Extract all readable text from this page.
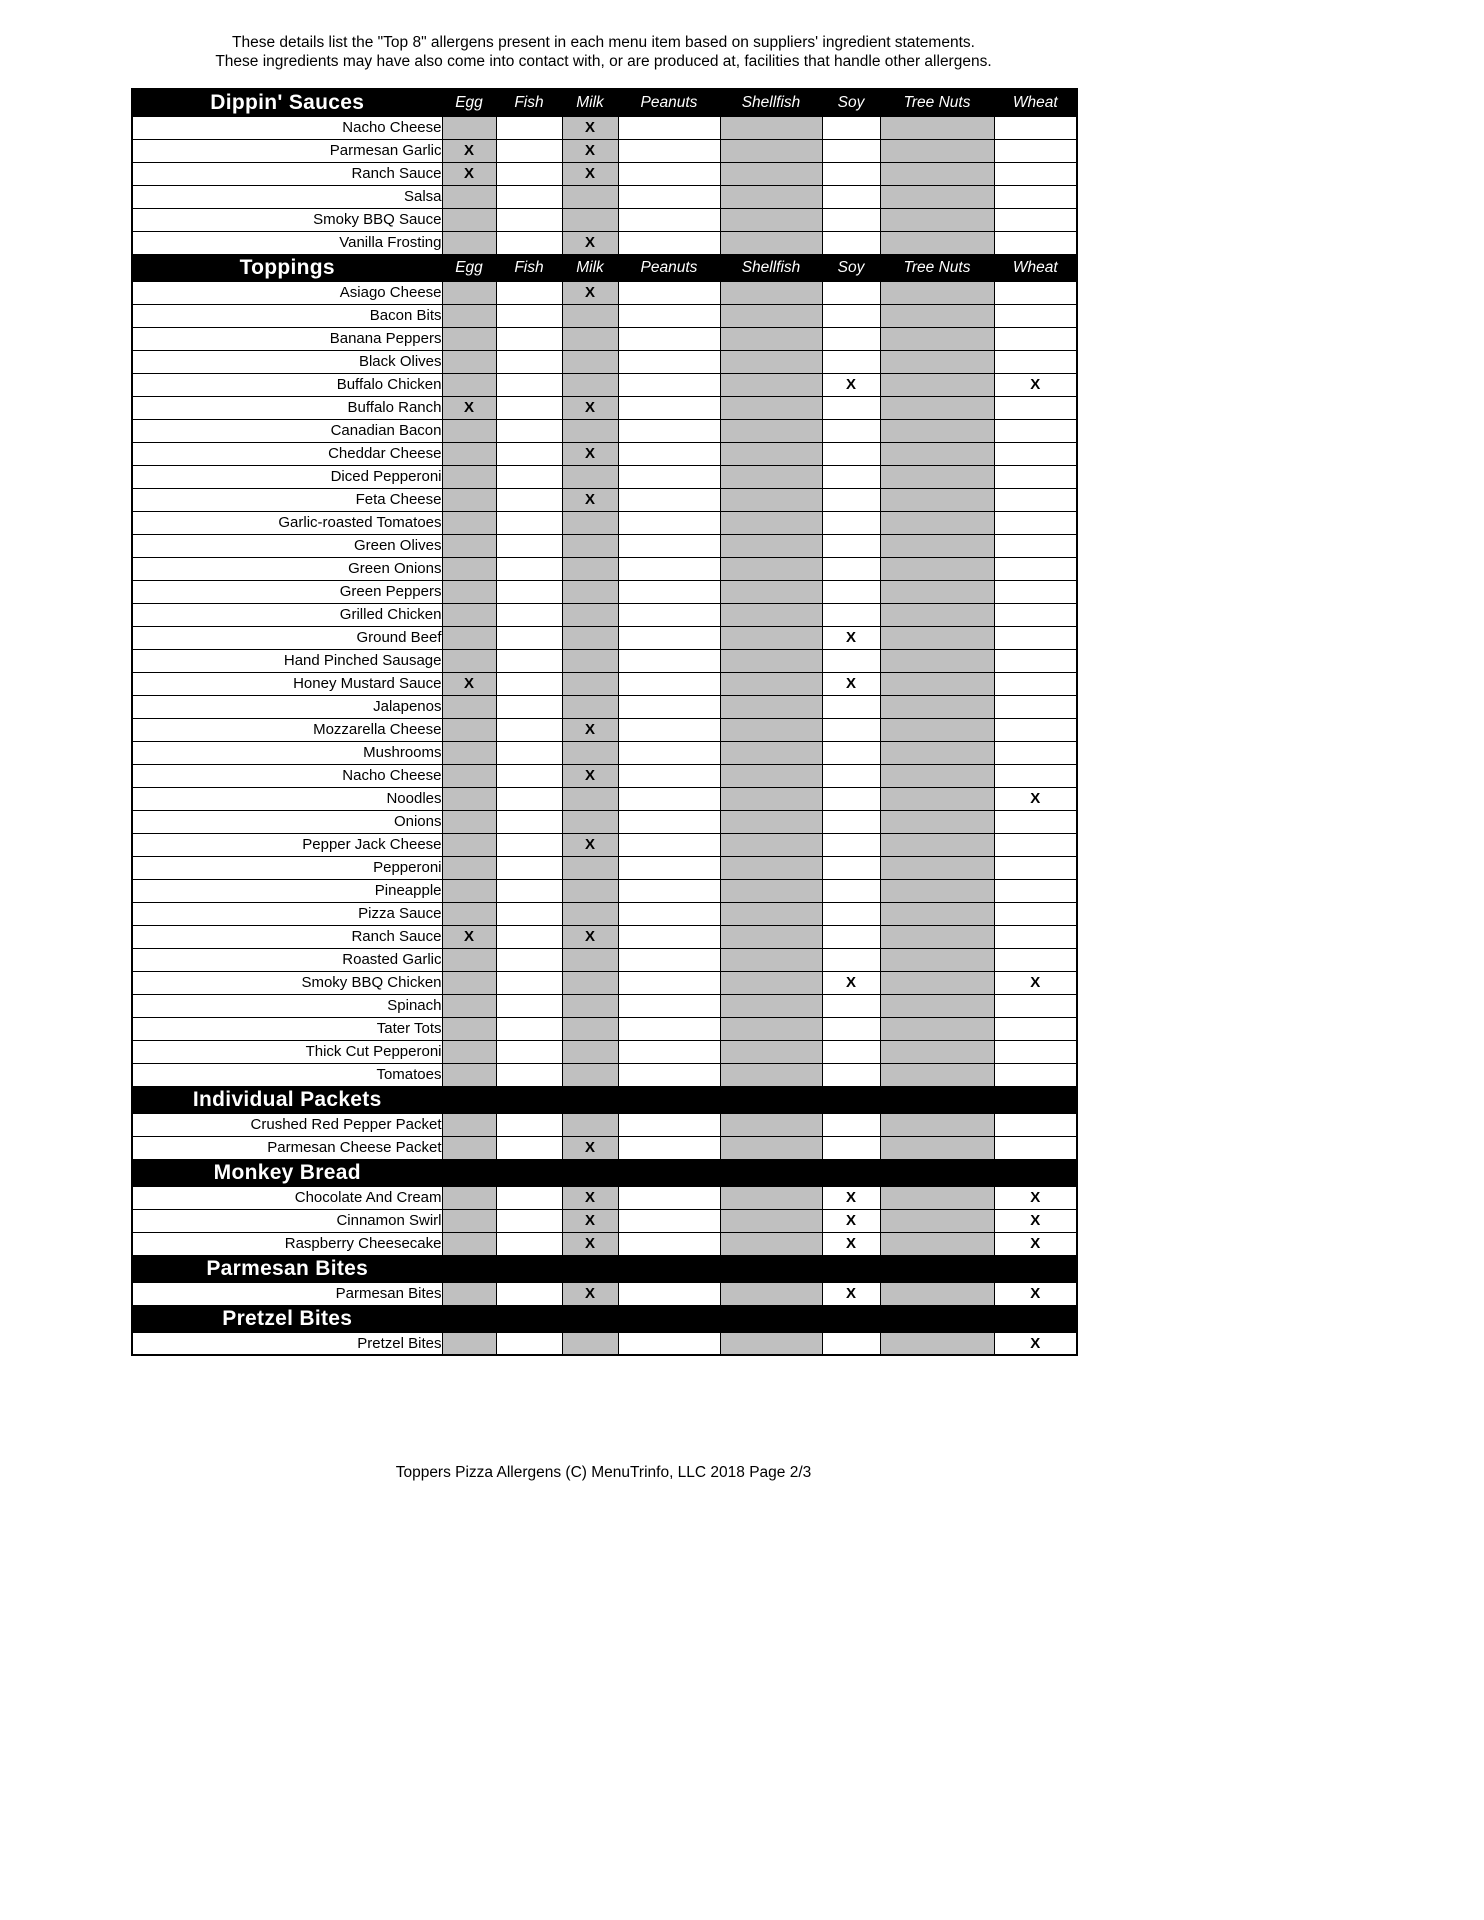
These details list the "Top 8" allergens present in each menu item based on suppliers' ingredient statements.
These ingredients may have also come into contact with, or are produced at, facilities that handle other allergens.
Dippin' Sauces	Egg	Fish	Milk	Peanuts	Shellfish	Soy	Tree Nuts	Wheat
Nacho Cheese			X					
Parmesan Garlic	X		X					
Ranch Sauce	X		X					
Salsa								
Smoky BBQ Sauce								
Vanilla Frosting			X					
Toppings	Egg	Fish	Milk	Peanuts	Shellfish	Soy	Tree Nuts	Wheat
Asiago Cheese			X					
Bacon Bits								
Banana Peppers								
Black Olives								
Buffalo Chicken						X		X
Buffalo Ranch	X		X					
Canadian Bacon								
Cheddar Cheese			X					
Diced Pepperoni								
Feta Cheese			X					
Garlic-roasted Tomatoes								
Green Olives								
Green Onions								
Green Peppers								
Grilled Chicken								
Ground Beef						X		
Hand Pinched Sausage								
Honey Mustard Sauce	X					X		
Jalapenos								
Mozzarella Cheese			X					
Mushrooms								
Nacho Cheese			X					
Noodles								X
Onions								
Pepper Jack Cheese			X					
Pepperoni								
Pineapple								
Pizza Sauce								
Ranch Sauce	X		X					
Roasted Garlic								
Smoky BBQ Chicken						X		X
Spinach								
Tater Tots								
Thick Cut Pepperoni								
Tomatoes								
Individual Packets								
Crushed Red Pepper Packet								
Parmesan Cheese Packet			X					
Monkey Bread								
Chocolate And Cream			X			X		X
Cinnamon Swirl			X			X		X
Raspberry Cheesecake			X			X		X
Parmesan Bites								
Parmesan Bites			X			X		X
Pretzel Bites								
Pretzel Bites								X
Toppers Pizza Allergens (C) MenuTrinfo, LLC 2018 Page 2/3
